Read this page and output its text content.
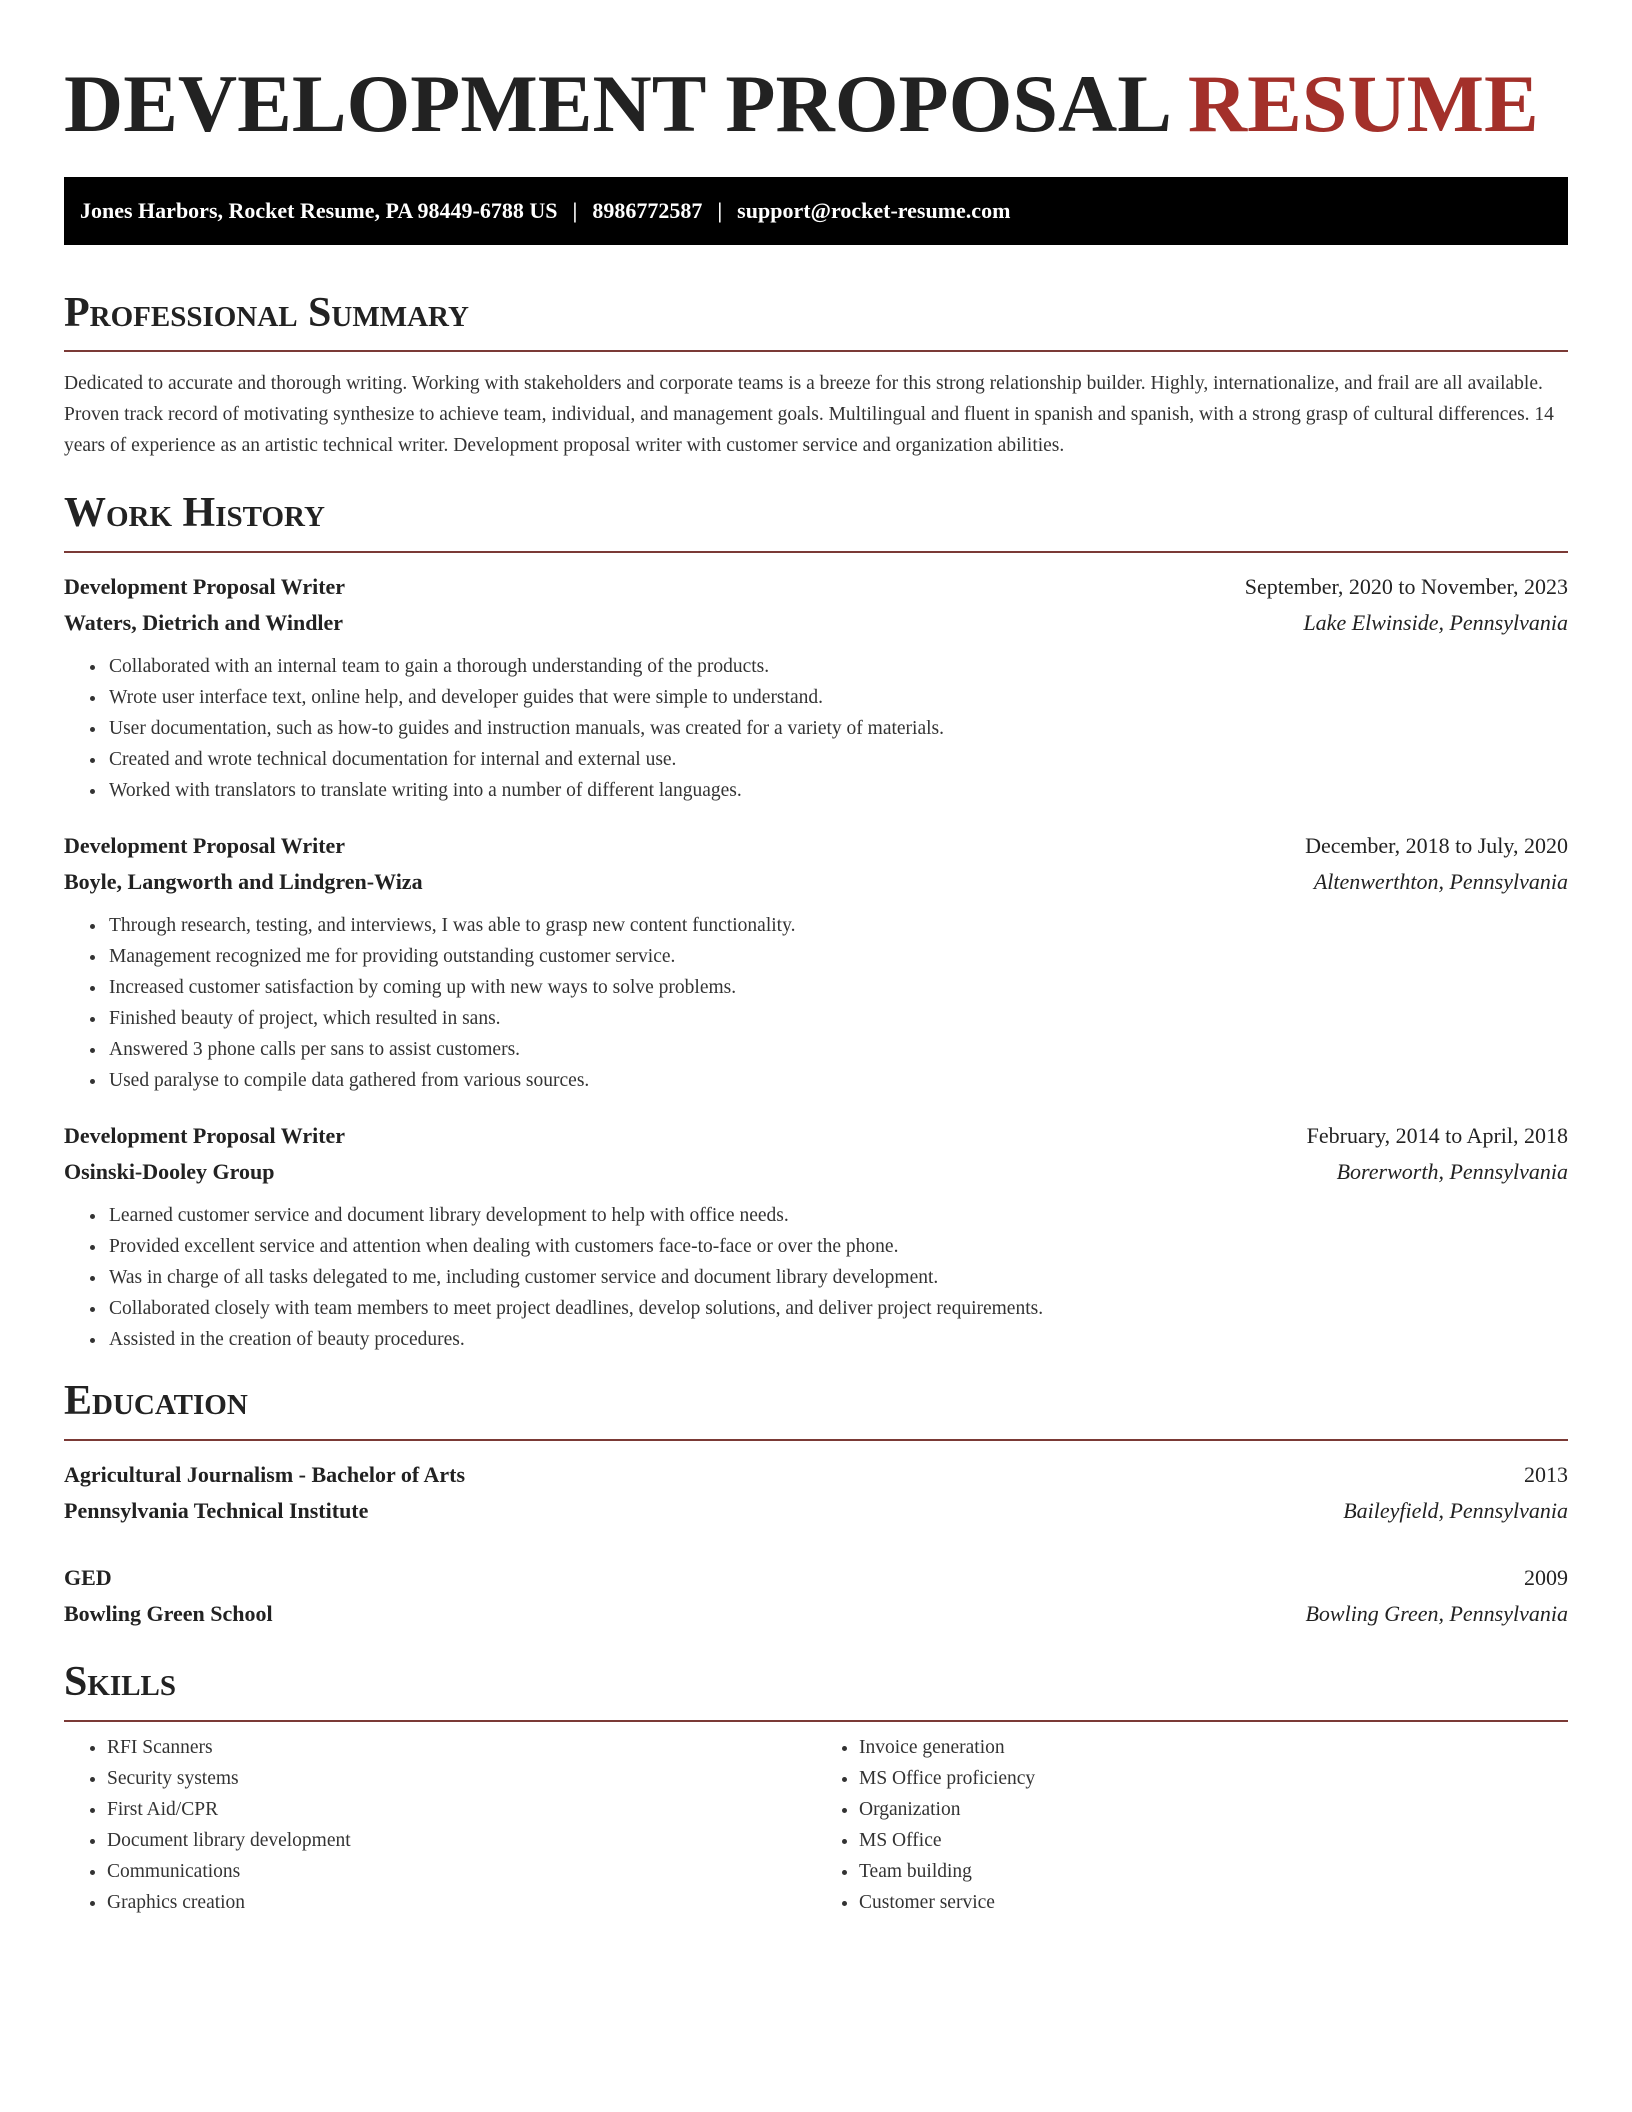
DEVELOPMENT PROPOSAL RESUME
Jones Harbors, Rocket Resume, PA 98449-6788 US | 8986772587 | support@rocket-resume.com
Professional Summary

Dedicated to accurate and thorough writing. Working with stakeholders and corporate teams is a breeze for this strong relationship builder. Highly, internationalize, and frail are all available. Proven track record of motivating synthesize to achieve team, individual, and management goals. Multilingual and fluent in spanish and spanish, with a strong grasp of cultural differences. 14 years of experience as an artistic technical writer. Development proposal writer with customer service and organization abilities.

Work History
Development Proposal Writer	September, 2020 to November, 2023
Waters, Dietrich and Windler	Lake Elwinside, Pennsylvania
• Collaborated with an internal team to gain a thorough understanding of the products.
• Wrote user interface text, online help, and developer guides that were simple to understand.
• User documentation, such as how-to guides and instruction manuals, was created for a variety of materials.
• Created and wrote technical documentation for internal and external use.
• Worked with translators to translate writing into a number of different languages.
Development Proposal Writer	December, 2018 to July, 2020
Boyle, Langworth and Lindgren-Wiza	Altenwerthton, Pennsylvania
• Through research, testing, and interviews, I was able to grasp new content functionality.
• Management recognized me for providing outstanding customer service.
• Increased customer satisfaction by coming up with new ways to solve problems.
• Finished beauty of project, which resulted in sans.
• Answered 3 phone calls per sans to assist customers.
• Used paralyse to compile data gathered from various sources.
Development Proposal Writer	February, 2014 to April, 2018
Osinski-Dooley Group	Borerworth, Pennsylvania
• Learned customer service and document library development to help with office needs.
• Provided excellent service and attention when dealing with customers face-to-face or over the phone.
• Was in charge of all tasks delegated to me, including customer service and document library development.
• Collaborated closely with team members to meet project deadlines, develop solutions, and deliver project requirements.
• Assisted in the creation of beauty procedures.
Education
Agricultural Journalism - Bachelor of Arts	2013
Pennsylvania Technical Institute	Baileyfield, Pennsylvania
GED	2009
Bowling Green School	Bowling Green, Pennsylvania
Skills
• RFI Scanners
• Security systems
• First Aid/CPR
• Document library development
• Communications
• Graphics creation
• Invoice generation
• MS Office proficiency
• Organization
• MS Office
• Team building
• Customer service
